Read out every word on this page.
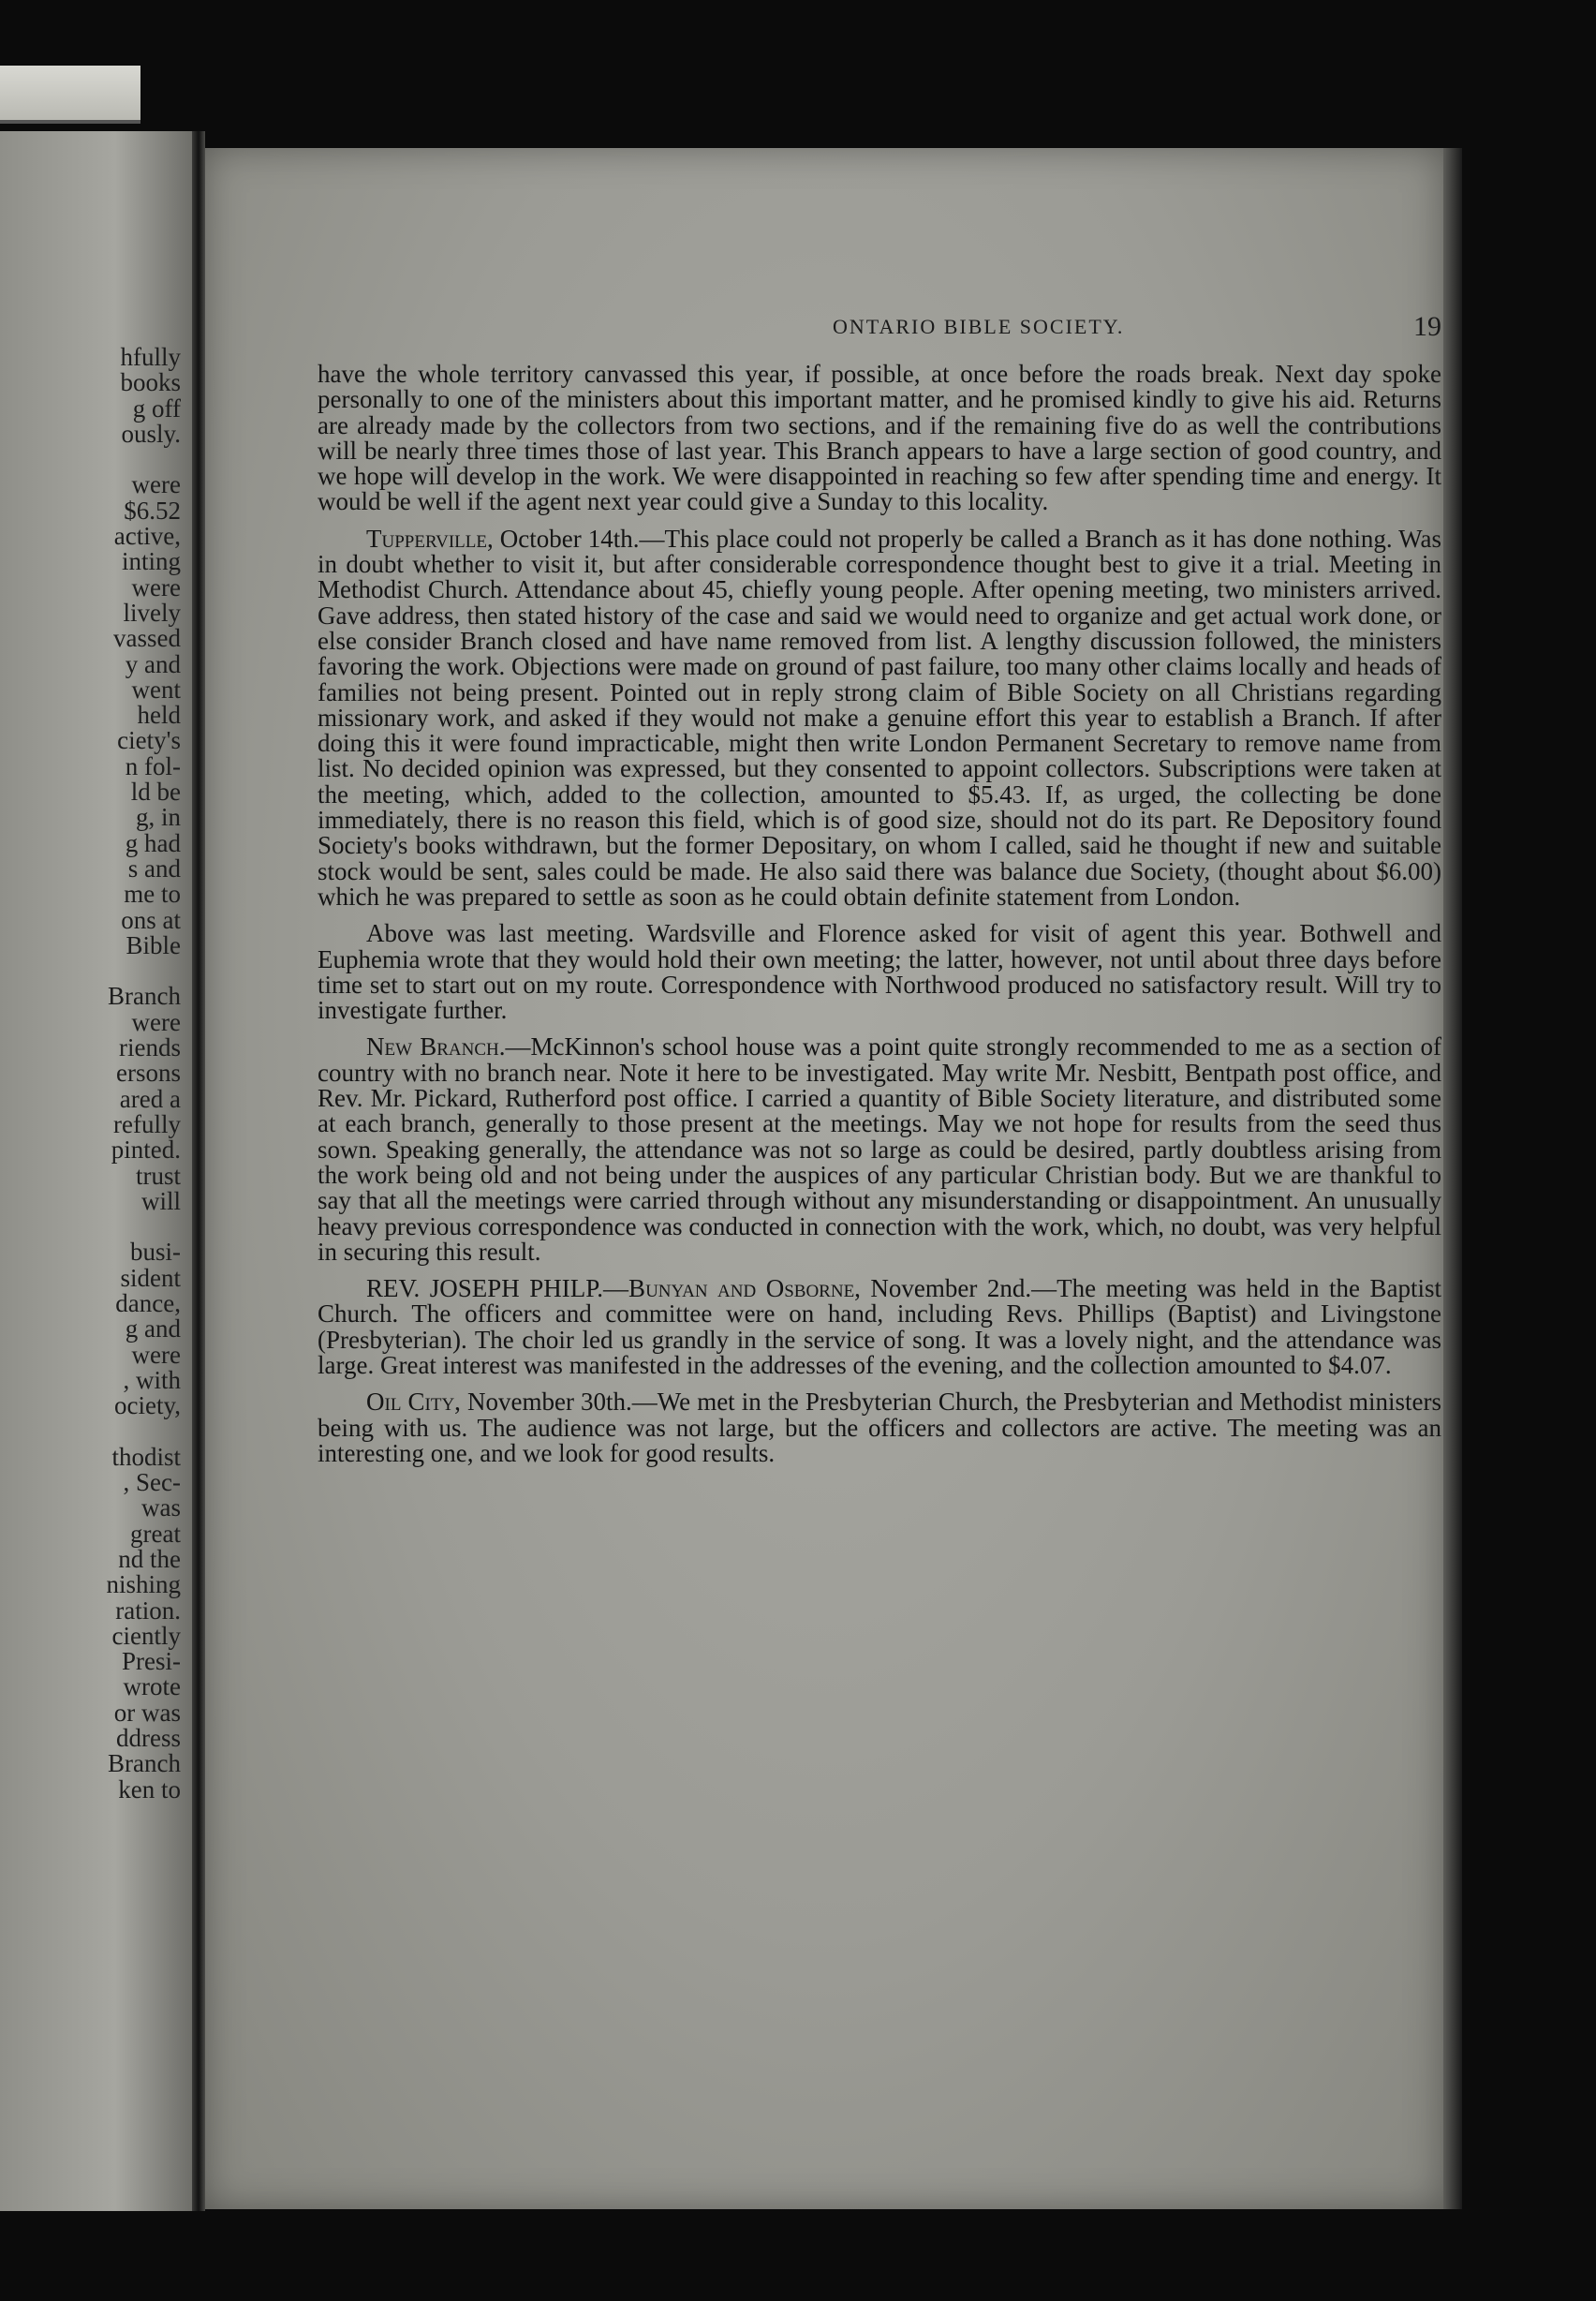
hfully
books
g off
ously.

were
$6.52
active,
inting
were
lively
vassed
y and
went
held
ciety's
n fol-
ld be
g, in
g had
s and
me to
ons at
Bible

Branch
were
riends
ersons
ared a
refully
pinted.
trust
will

busi-
sident
dance,
g and
were
, with
ociety,

thodist
, Sec-
was
great
nd the
nishing
ration.
ciently
Presi-
wrote
or was
ddress
Branch
ken to
ONTARIO BIBLE SOCIETY.	19

have the whole territory canvassed this year, if possible, at once before the roads break. Next day spoke personally to one of the ministers about this important matter, and he promised kindly to give his aid. Returns are already made by the collectors from two sections, and if the remaining five do as well the contributions will be nearly three times those of last year. This Branch appears to have a large section of good country, and we hope will develop in the work. We were disappointed in reaching so few after spending time and energy. It would be well if the agent next year could give a Sunday to this locality.

Tupperville, October 14th.—This place could not properly be called a Branch as it has done nothing. Was in doubt whether to visit it, but after considerable correspondence thought best to give it a trial. Meeting in Methodist Church. Attendance about 45, chiefly young people. After opening meeting, two ministers arrived. Gave address, then stated history of the case and said we would need to organize and get actual work done, or else consider Branch closed and have name removed from list. A lengthy discussion followed, the ministers favoring the work. Objections were made on ground of past failure, too many other claims locally and heads of families not being present. Pointed out in reply strong claim of Bible Society on all Christians regarding missionary work, and asked if they would not make a genuine effort this year to establish a Branch. If after doing this it were found impracticable, might then write London Permanent Secretary to remove name from list. No decided opinion was expressed, but they consented to appoint collectors. Subscriptions were taken at the meeting, which, added to the collection, amounted to $5.43. If, as urged, the collecting be done immediately, there is no reason this field, which is of good size, should not do its part. Re Depository found Society's books withdrawn, but the former Depositary, on whom I called, said he thought if new and suitable stock would be sent, sales could be made. He also said there was balance due Society, (thought about $6.00) which he was prepared to settle as soon as he could obtain definite statement from London.

Above was last meeting. Wardsville and Florence asked for visit of agent this year. Bothwell and Euphemia wrote that they would hold their own meeting; the latter, however, not until about three days before time set to start out on my route. Correspondence with Northwood produced no satisfactory result. Will try to investigate further.

New Branch.—McKinnon's school house was a point quite strongly recommended to me as a section of country with no branch near. Note it here to be investigated. May write Mr. Nesbitt, Bentpath post office, and Rev. Mr. Pickard, Rutherford post office. I carried a quantity of Bible Society literature, and distributed some at each branch, generally to those present at the meetings. May we not hope for results from the seed thus sown. Speaking generally, the attendance was not so large as could be desired, partly doubtless arising from the work being old and not being under the auspices of any particular Christian body. But we are thankful to say that all the meetings were carried through without any misunderstanding or disappointment. An unusually heavy previous correspondence was conducted in connection with the work, which, no doubt, was very helpful in securing this result.

REV. JOSEPH PHILP.—Bunyan and Osborne, November 2nd.—The meeting was held in the Baptist Church. The officers and committee were on hand, including Revs. Phillips (Baptist) and Livingstone (Presbyterian). The choir led us grandly in the service of song. It was a lovely night, and the attendance was large. Great interest was manifested in the addresses of the evening, and the collection amounted to $4.07.

Oil City, November 30th.—We met in the Presbyterian Church, the Presbyterian and Methodist ministers being with us. The audience was not large, but the officers and collectors are active. The meeting was an interesting one, and we look for good results.
